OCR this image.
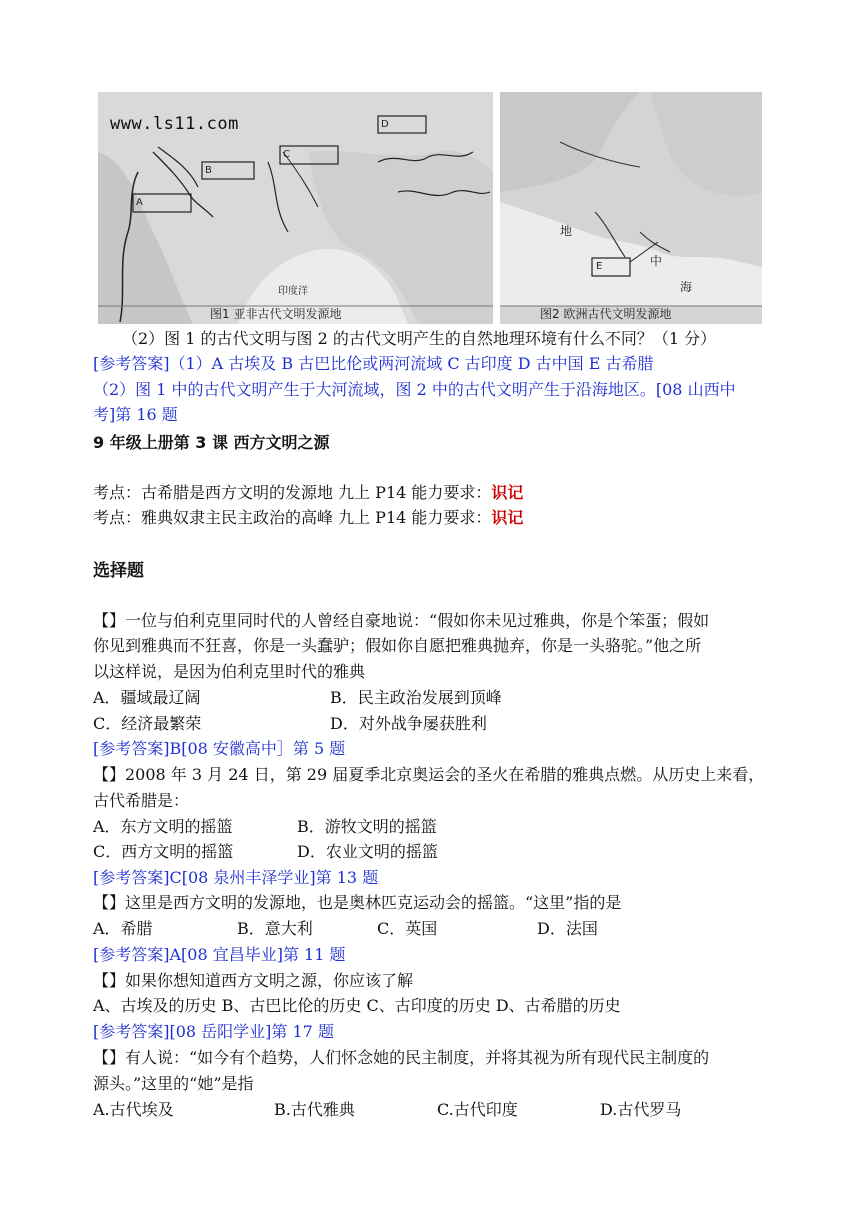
www.ls11.com
A
B
C
D
印度洋
图1 亚非古代文明发源地
E
地
中
海
图2 欧洲古代文明发源地
（2）图 1 的古代文明与图 2 的古代文明产生的自然地理环境有什么不同？（1 分）
[参考答案]（1）A 古埃及 B 古巴比伦或两河流域 C 古印度 D 古中国 E 古希腊
（2）图 1 中的古代文明产生于大河流域，图 2 中的古代文明产生于沿海地区。[08 山西中
考]第 16 题
9 年级上册第 3 课 西方文明之源
考点：古希腊是西方文明的发源地 九上 P14 能力要求：识记
考点：雅典奴隶主民主政治的高峰 九上 P14 能力要求：识记
选择题
【】一位与伯利克里同时代的人曾经自豪地说：“假如你未见过雅典，你是个笨蛋；假如
你见到雅典而不狂喜，你是一头蠢驴；假如你自愿把雅典抛弃，你是一头骆驼。”他之所
以这样说，是因为伯利克里时代的雅典
A．疆域最辽阔	B．民主政治发展到顶峰
C．经济最繁荣	D．对外战争屡获胜利
[参考答案]B[08 安徽高中］第 5 题
【】2008 年 3 月 24 日，第 29 届夏季北京奥运会的圣火在希腊的雅典点燃。从历史上来看，
古代希腊是：
A．东方文明的摇篮	B．游牧文明的摇篮
C．西方文明的摇篮	D．农业文明的摇篮
[参考答案]C[08 泉州丰泽学业]第 13 题
【】这里是西方文明的发源地，也是奥林匹克运动会的摇篮。“这里”指的是
A．希腊	B．意大利	C．英国	D．法国
[参考答案]A[08 宜昌毕业]第 11 题
【】如果你想知道西方文明之源，你应该了解
A、古埃及的历史 B、古巴比伦的历史 C、古印度的历史 D、古希腊的历史
[参考答案][08 岳阳学业]第 17 题
【】有人说：“如今有个趋势，人们怀念她的民主制度，并将其视为所有现代民主制度的
源头。”这里的“她”是指
A.古代埃及	B.古代雅典	C.古代印度	D.古代罗马
